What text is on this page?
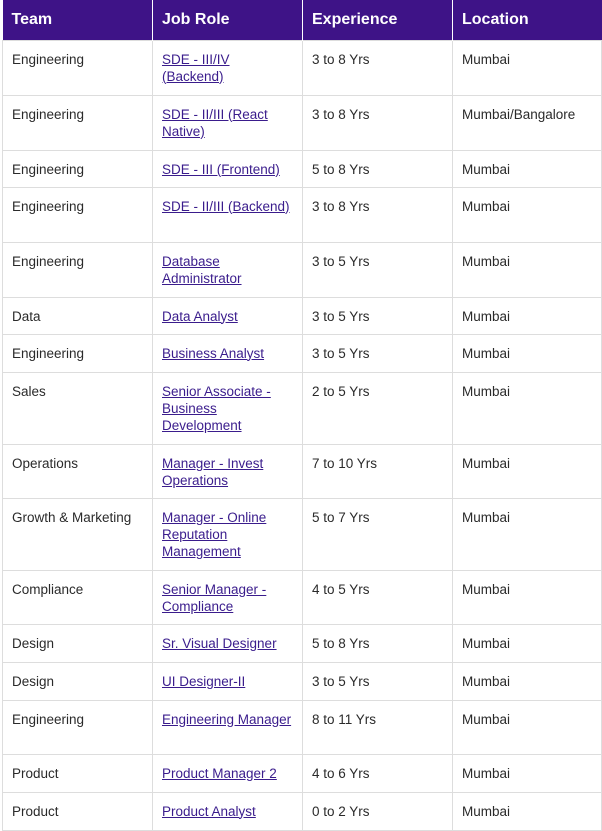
Team	Job Role	Experience	Location
Engineering	SDE - III/IV (Backend)	3 to 8 Yrs	Mumbai
Engineering	SDE - II/III (React Native)	3 to 8 Yrs	Mumbai/Bangalore
Engineering	SDE - III (Frontend)	5 to 8 Yrs	Mumbai
Engineering	SDE - II/III (Backend)	3 to 8 Yrs	Mumbai
Engineering	Database Administrator	3 to 5 Yrs	Mumbai
Data	Data Analyst	3 to 5 Yrs	Mumbai
Engineering	Business Analyst	3 to 5 Yrs	Mumbai
Sales	Senior Associate - Business Development	2 to 5 Yrs	Mumbai
Operations	Manager - Invest Operations	7 to 10 Yrs	Mumbai
Growth & Marketing	Manager - Online Reputation Management	5 to 7 Yrs	Mumbai
Compliance	Senior Manager - Compliance	4 to 5 Yrs	Mumbai
Design	Sr. Visual Designer	5 to 8 Yrs	Mumbai
Design	UI Designer-II	3 to 5 Yrs	Mumbai
Engineering	Engineering Manager	8 to 11 Yrs	Mumbai
Product	Product Manager 2	4 to 6 Yrs	Mumbai
Product	Product Analyst	0 to 2 Yrs	Mumbai
